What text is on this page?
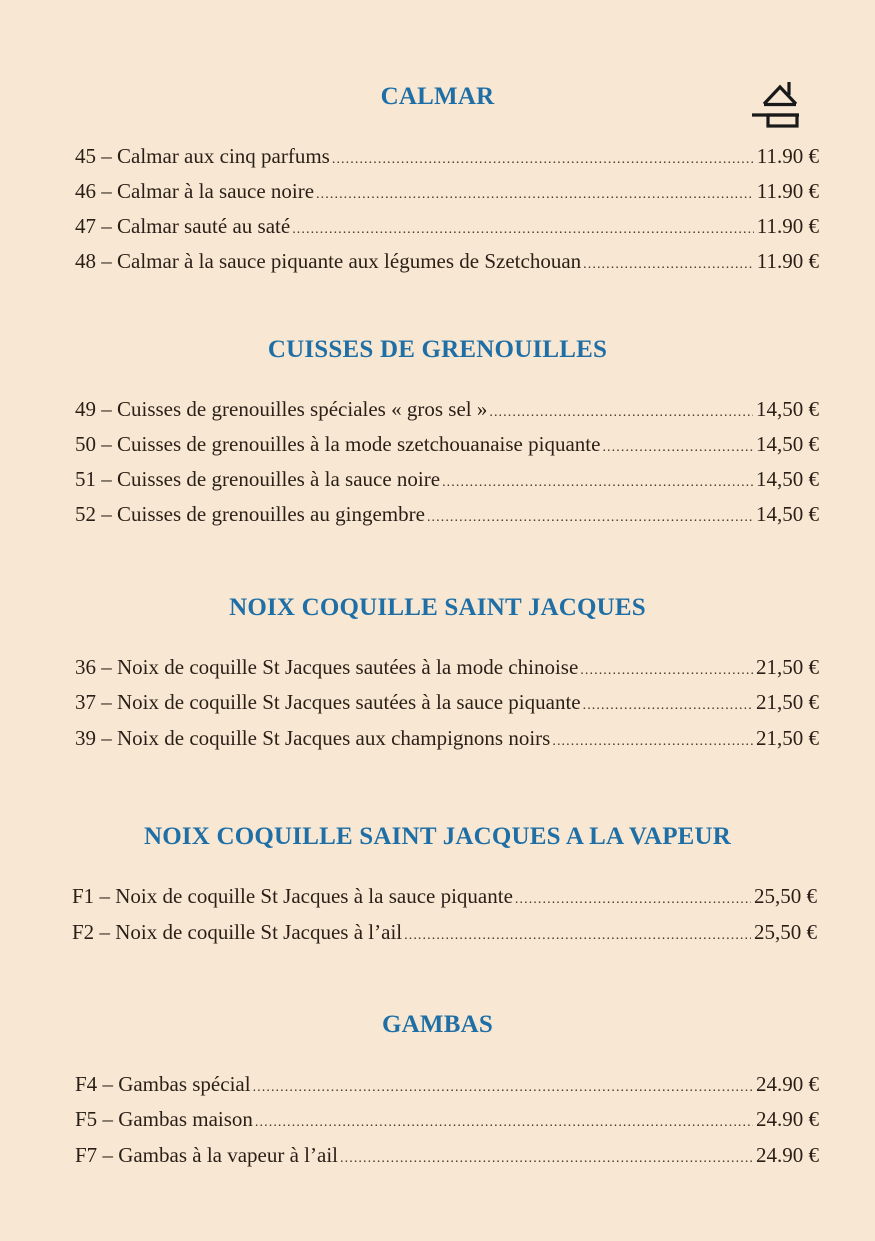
CALMAR
45 – Calmar aux cinq parfums .....	11.90 €
46 – Calmar à la sauce noire .....	11.90 €
47 – Calmar sauté au saté .....	11.90 €
48 – Calmar à la sauce piquante aux légumes de Szetchouan .....	11.90 €
CUISSES DE GRENOUILLES
49 – Cuisses de grenouilles spéciales « gros sel » .....	14,50 €
50 – Cuisses de grenouilles à la mode szetchouanaise piquante .....	14,50 €
51 – Cuisses de grenouilles à la sauce noire .....	14,50 €
52 – Cuisses de grenouilles au gingembre .....	14,50 €
NOIX COQUILLE SAINT JACQUES
36 – Noix de coquille St Jacques sautées à la mode chinoise .....	21,50 €
37 – Noix de coquille St Jacques sautées à la sauce piquante .....	21,50 €
39 – Noix de coquille St Jacques aux champignons noirs .....	21,50 €
NOIX COQUILLE SAINT JACQUES A LA VAPEUR
F1 – Noix de coquille St Jacques à la sauce piquante .....	25,50 €
F2 – Noix de coquille St Jacques à l’ail .....	25,50 €
GAMBAS
F4 – Gambas spécial .....	24.90 €
F5 – Gambas maison .....	24.90 €
F7 – Gambas à la vapeur à l’ail .....	24.90 €
